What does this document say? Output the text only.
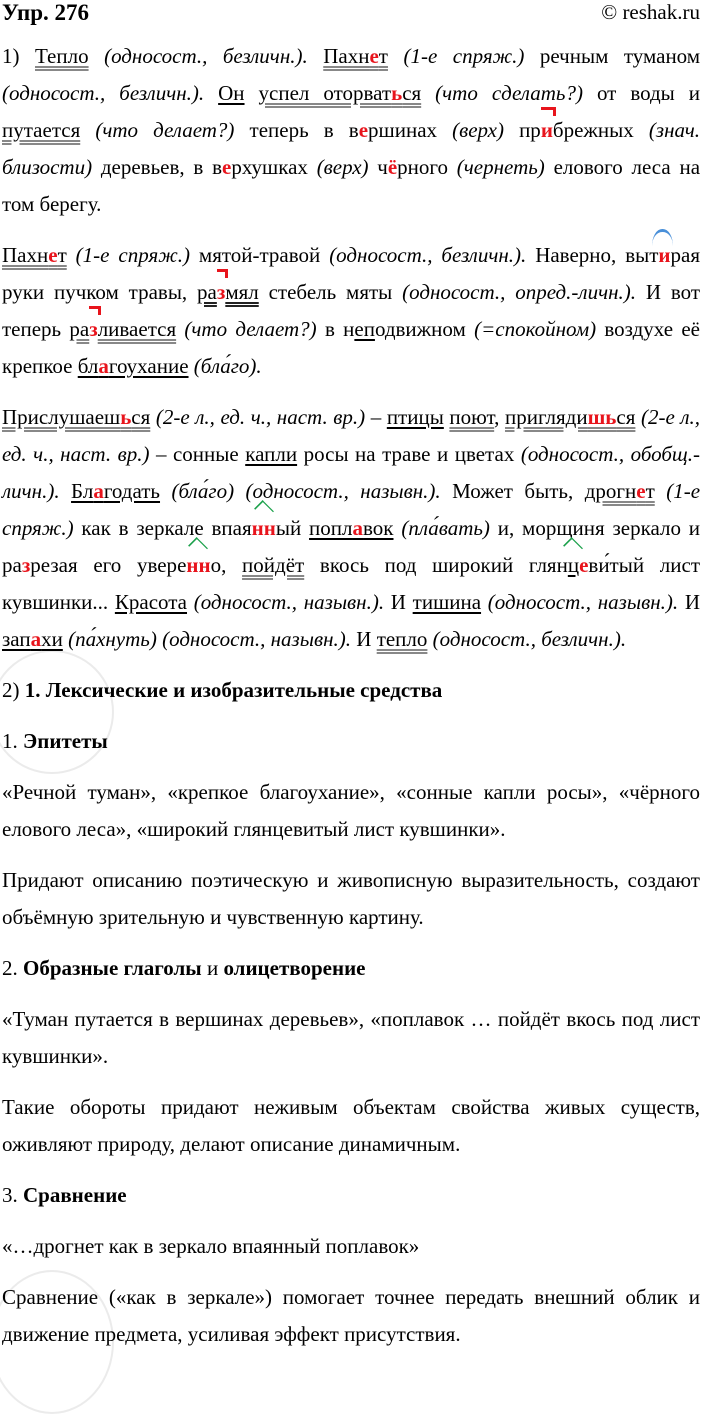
Упр. 276	© reshak.ru

1) Тепло (односост., безличн.). Пахнет (1-е спряж.) речным туманом (односост., безличн.). Он успел оторваться (что сделать?) от воды и путается (что делает?) теперь в вершинах (верх) прибрежных (знач. близости) деревьев, в верхушках (верх) чёрного (чернеть) елового леса на том берегу.

Пахнет (1-е спряж.) мятой-травой (односост., безличн.). Наверно, вытирая руки пучком травы, размял стебель мяты (односост., опред.-личн.). И вот теперь разливается (что делает?) в неподвижном (=спокойном) воздухе её крепкое благоухание (бла́го).

Прислушаешься (2-е л., ед. ч., наст. вр.) – птицы поют, приглядишься (2-е л., ед. ч., наст. вр.) – сонные капли росы на траве и цветах (односост., обобщ.-личн.). Благодать (бла́го) (односост., назывн.). Может быть, дрогнет (1-е спряж.) как в зеркале впаянный поплавок (пла́вать) и, морщиня зеркало и разрезая его уверенно, пойдёт вкось под широкий глянцеви́тый лист кувшинки... Красота (односост., назывн.). И тишина (односост., назывн.). И запахи (па́хнуть) (односост., назывн.). И тепло (односост., безличн.).

2) 1. Лексические и изобразительные средства

1. Эпитеты

«Речной туман», «крепкое благоухание», «сонные капли росы», «чёрного елового леса», «широкий глянцевитый лист кувшинки».

Придают описанию поэтическую и живописную выразительность, создают объёмную зрительную и чувственную картину.

2. Образные глаголы и олицетворение

«Туман путается в вершинах деревьев», «поплавок … пойдёт вкось под лист кувшинки».

Такие обороты придают неживым объектам свойства живых существ, оживляют природу, делают описание динамичным.

3. Сравнение

«…дрогнет как в зеркало впаянный поплавок»

Сравнение («как в зеркале») помогает точнее передать внешний облик и движение предмета, усиливая эффект присутствия.
